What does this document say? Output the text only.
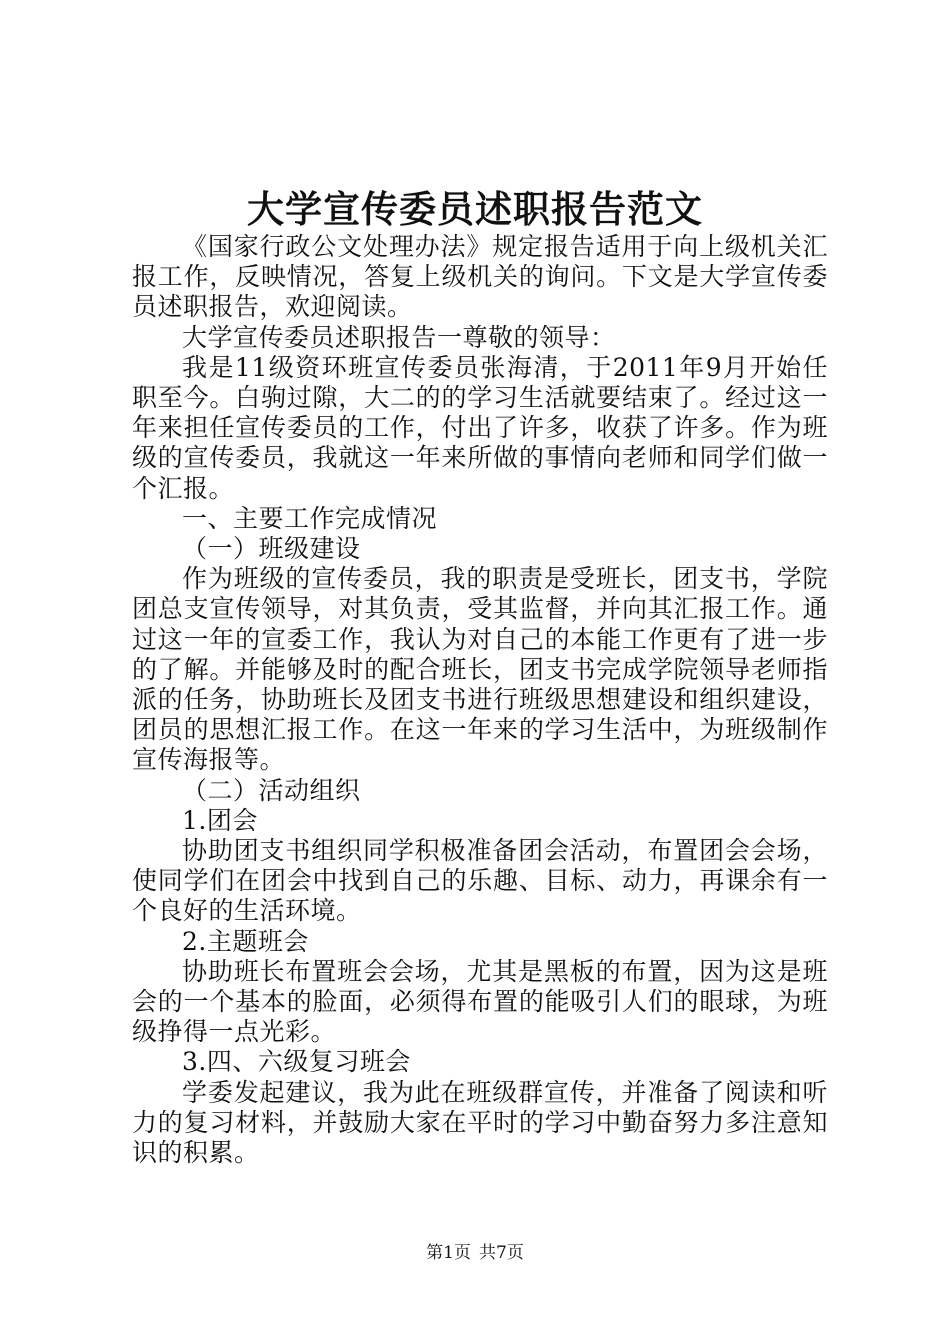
大学宣传委员述职报告范文

《国家行政公文处理办法》规定报告适用于向上级机关汇报工作，反映情况，答复上级机关的询问。下文是大学宣传委员述职报告，欢迎阅读。

大学宣传委员述职报告一尊敬的领导：

我是11级资环班宣传委员张海清，于2011年9月开始任职至今。白驹过隙，大二的的学习生活就要结束了。经过这一年来担任宣传委员的工作，付出了许多，收获了许多。作为班级的宣传委员，我就这一年来所做的事情向老师和同学们做一个汇报。

一、主要工作完成情况

（一）班级建设

作为班级的宣传委员，我的职责是受班长，团支书，学院团总支宣传领导，对其负责，受其监督，并向其汇报工作。通过这一年的宣委工作，我认为对自己的本能工作更有了进一步的了解。并能够及时的配合班长，团支书完成学院领导老师指派的任务，协助班长及团支书进行班级思想建设和组织建设，团员的思想汇报工作。在这一年来的学习生活中，为班级制作宣传海报等。

（二）活动组织

1.团会

协助团支书组织同学积极准备团会活动，布置团会会场，使同学们在团会中找到自己的乐趣、目标、动力，再课余有一个良好的生活环境。

2.主题班会

协助班长布置班会会场，尤其是黑板的布置，因为这是班会的一个基本的脸面，必须得布置的能吸引人们的眼球，为班级挣得一点光彩。

3.四、六级复习班会

学委发起建议，我为此在班级群宣传，并准备了阅读和听力的复习材料，并鼓励大家在平时的学习中勤奋努力多注意知识的积累。

第1页 共7页
